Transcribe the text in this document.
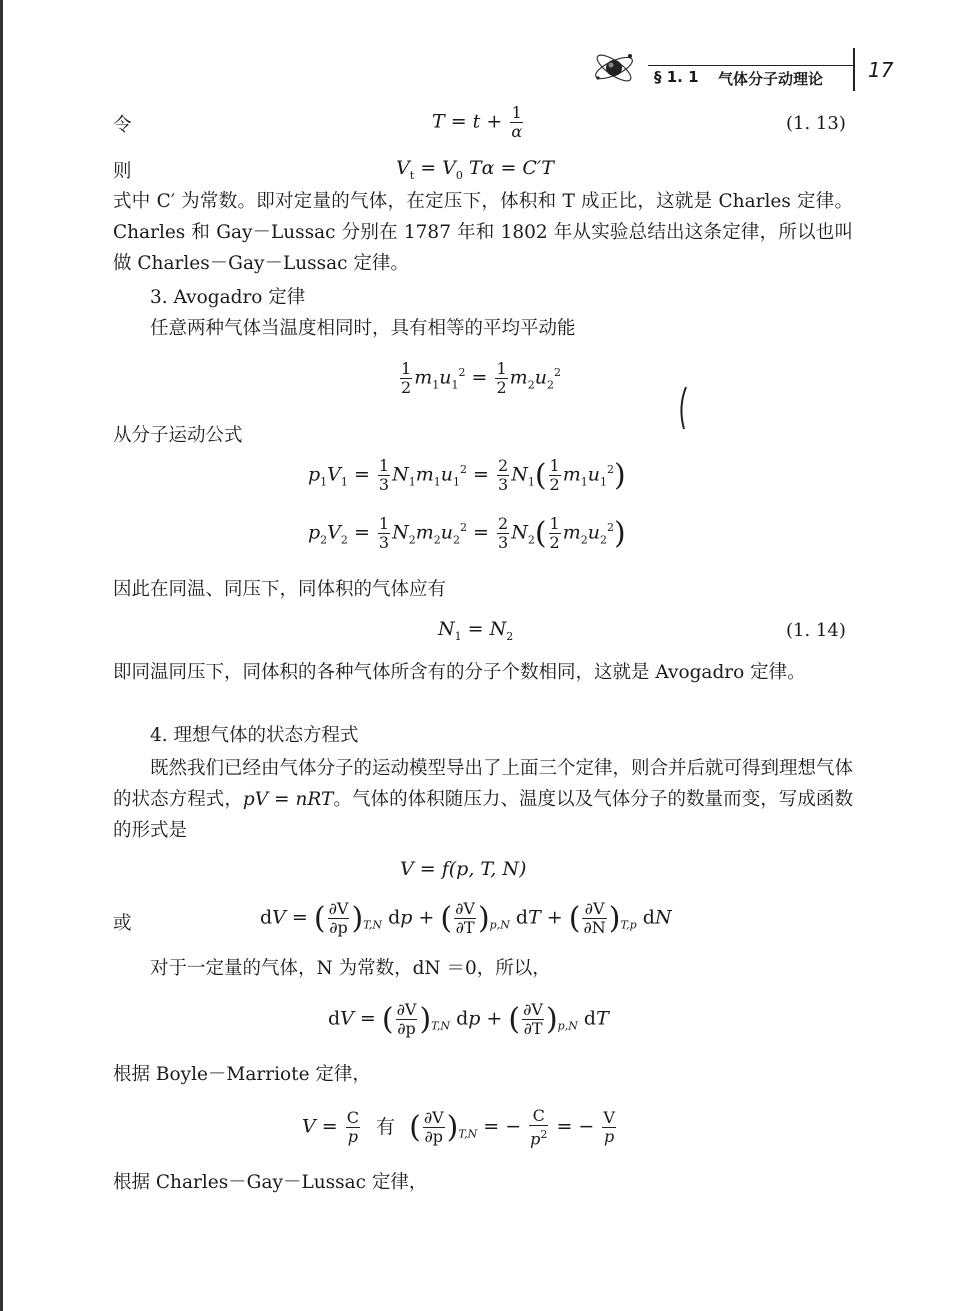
§ 1. 1 气体分子动理论 17
令	$T = t + \frac{1}{\alpha}$	(1. 13)
则	$V_t = V_0$ Tα = C′T
式中 C′ 为常数。即对定量的气体，在定压下，体积和 T 成正比，这就是 Charles 定律。Charles 和 Gay－Lussac 分别在 1787 年和 1802 年从实验总结出这条定律，所以也叫做 Charles－Gay－Lussac 定律。
3. Avogadro 定律
任意两种气体当温度相同时，具有相等的平均平动能
$\frac{1}{2} m_1u_1^2 = \frac{1}{2} m_2u_2^2$
从分子运动公式
$p_1V_1 = \frac{1}{3} N_1m_1u_1^2 = \frac{2}{3} N_1( \frac{1}{2} m_1u_1^2)$
$p_2V_2 = \frac{1}{3} N_2m_2u_2^2 = \frac{2}{3} N_2( \frac{1}{2} m_2u_2^2)$
因此在同温、同压下，同体积的气体应有
$N_1 = N_2$	(1. 14)
即同温同压下，同体积的各种气体所含有的分子个数相同，这就是 Avogadro 定律。
4. 理想气体的状态方程式
既然我们已经由气体分子的运动模型导出了上面三个定律，则合并后就可得到理想气体的状态方程式，pV = nRT。气体的体积随压力、温度以及气体分子的数量而变，写成函数的形式是
V = f(p, T, N)
或	dV = ( $\frac{\partial V}{\partial p} )_{T,N}$ dp + ( $\frac{\partial V}{\partial T} )_{p,N}$ dT + ( $\frac{\partial V}{\partial N} )_{T,p}$ dN
对于一定量的气体，N 为常数，dN ＝0，所以，
dV = ( $\frac{\partial V}{\partial p} )_{T,N}$ dp + ( $\frac{\partial V}{\partial T} )_{p,N}$ dT
根据 Boyle－Marriote 定律，
$V = \frac{C}{p}$ 有 ( $\frac{\partial V}{\partial p} )_{T,N}$ = − $\frac{C}{p^2}$ = − $\frac{V}{p}$
根据 Charles－Gay－Lussac 定律，
